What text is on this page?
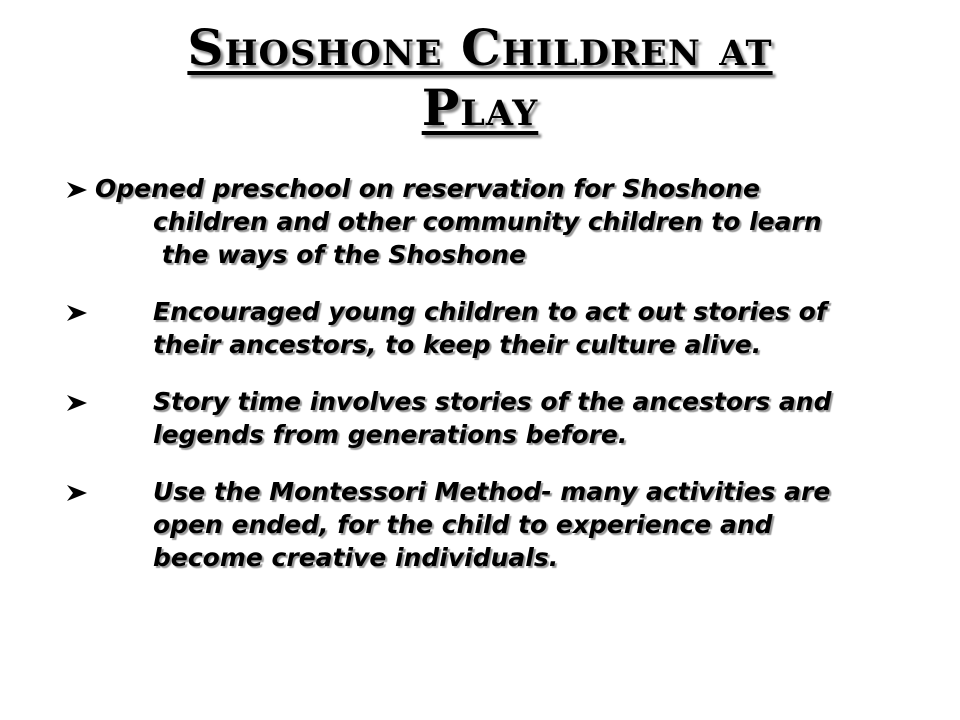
Shoshone Children at
Play
Opened preschool on reservation for Shoshone
children and other community children to learn
the ways of the Shoshone
Encouraged young children to act out stories of their ancestors, to keep their culture alive.
Story time involves stories of the ancestors and legends from generations before.
Use the Montessori Method- many activities are open ended, for the child to experience and become creative individuals.
